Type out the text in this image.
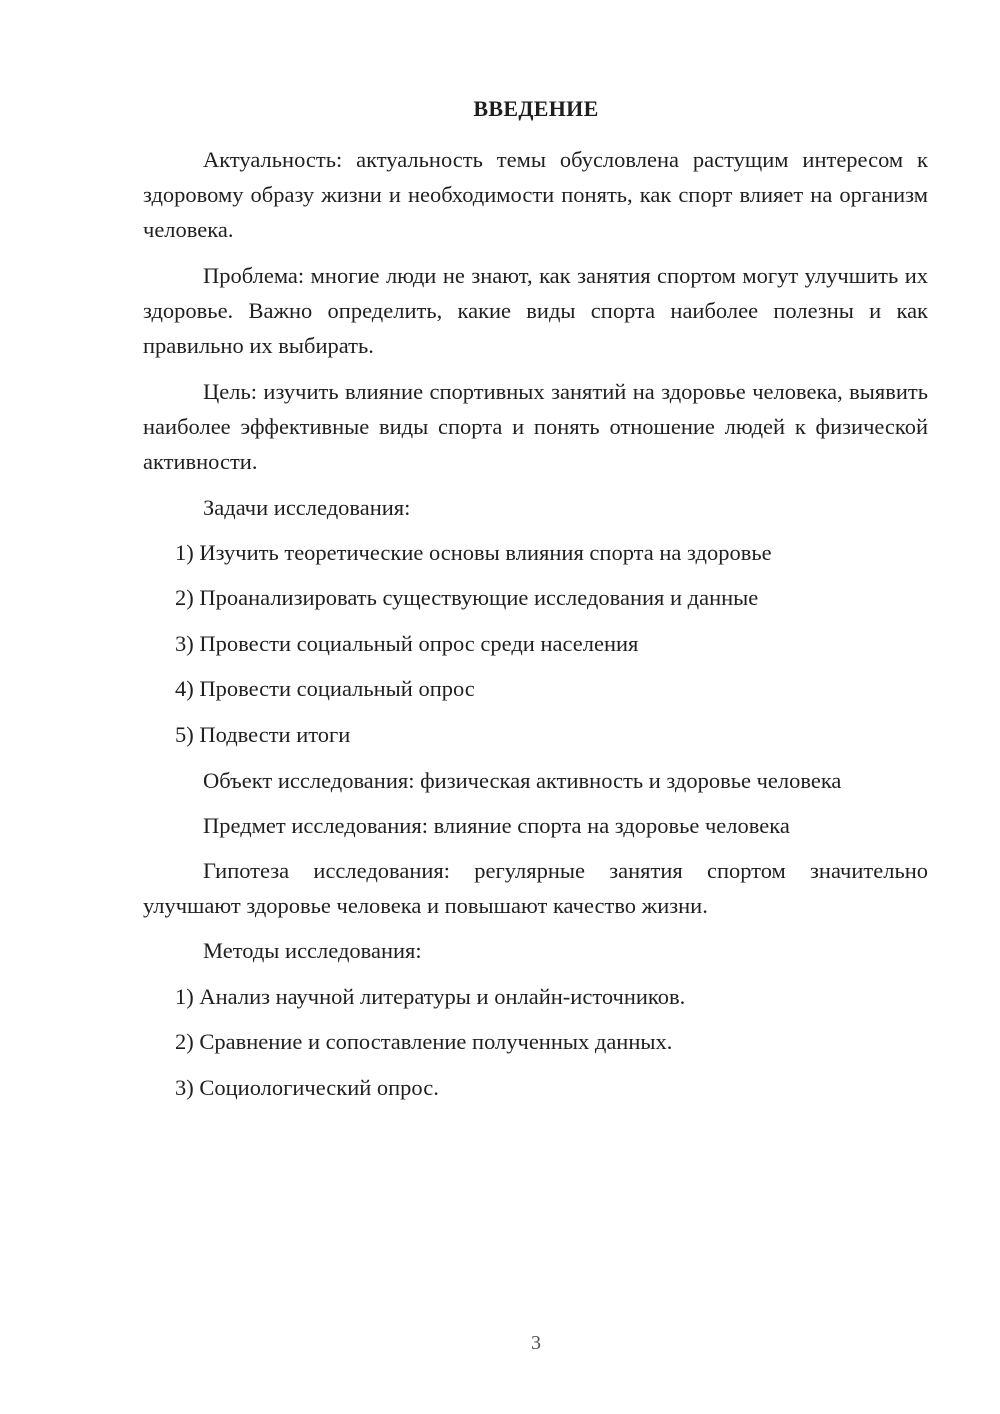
ВВЕДЕНИЕ

Актуальность: актуальность темы обусловлена растущим интересом к здоровому образу жизни и необходимости понять, как спорт влияет на организм человека.

Проблема: многие люди не знают, как занятия спортом могут улучшить их здоровье. Важно определить, какие виды спорта наиболее полезны и как правильно их выбирать.

Цель: изучить влияние спортивных занятий на здоровье человека, выявить наиболее эффективные виды спорта и понять отношение людей к физической активности.

Задачи исследования:
1) Изучить теоретические основы влияния спорта на здоровье
2) Проанализировать существующие исследования и данные
3) Провести социальный опрос среди населения
4) Провести социальный опрос
5) Подвести итоги
Объект исследования: физическая активность и здоровье человека
Предмет исследования: влияние спорта на здоровье человека

Гипотеза исследования: регулярные занятия спортом значительно улучшают здоровье человека и повышают качество жизни.

Методы исследования:
1) Анализ научной литературы и онлайн-источников.
2) Сравнение и сопоставление полученных данных.
3) Социологический опрос.
3
